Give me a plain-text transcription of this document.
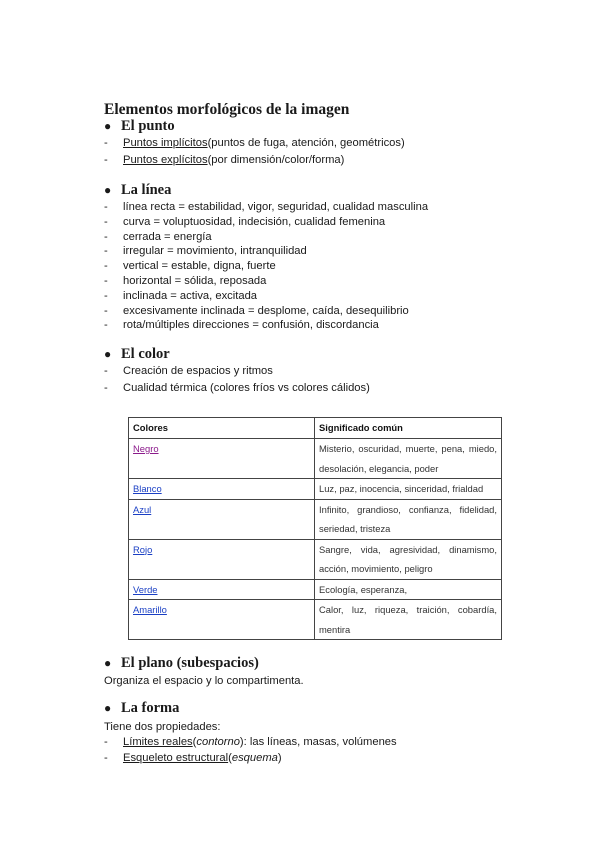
Elementos morfológicos de la imagen
● El punto
-	Puntos implícitos (puntos de fuga, atención, geométricos)
-	Puntos explícitos (por dimensión/color/forma)
● La línea
-	línea recta = estabilidad, vigor, seguridad, cualidad masculina
-	curva = voluptuosidad, indecisión, cualidad femenina
-	cerrada = energía
-	irregular = movimiento, intranquilidad
-	vertical = estable, digna, fuerte
-	horizontal = sólida, reposada
-	inclinada = activa, excitada
-	excesivamente inclinada = desplome, caída, desequilibrio
-	rota/múltiples direcciones = confusión, discordancia
● El color
-	Creación de espacios y ritmos
-	Cualidad térmica (colores fríos vs colores cálidos)
Colores	Significado común
Negro	Misterio, oscuridad, muerte, pena, miedo, desolación, elegancia, poder
Blanco	Luz, paz, inocencia, sinceridad, frialdad
Azul	Infinito, grandioso, confianza, fidelidad, seriedad, tristeza
Rojo	Sangre, vida, agresividad, dinamismo, acción, movimiento, peligro
Verde	Ecología, esperanza,
Amarillo	Calor, luz, riqueza, traición, cobardía, mentira
● El plano (subespacios)
Organiza el espacio y lo compartimenta.
● La forma
Tiene dos propiedades:
-	Límites reales ( contorno ): las líneas, masas, volúmenes
-	Esqueleto estructural ( esquema )
